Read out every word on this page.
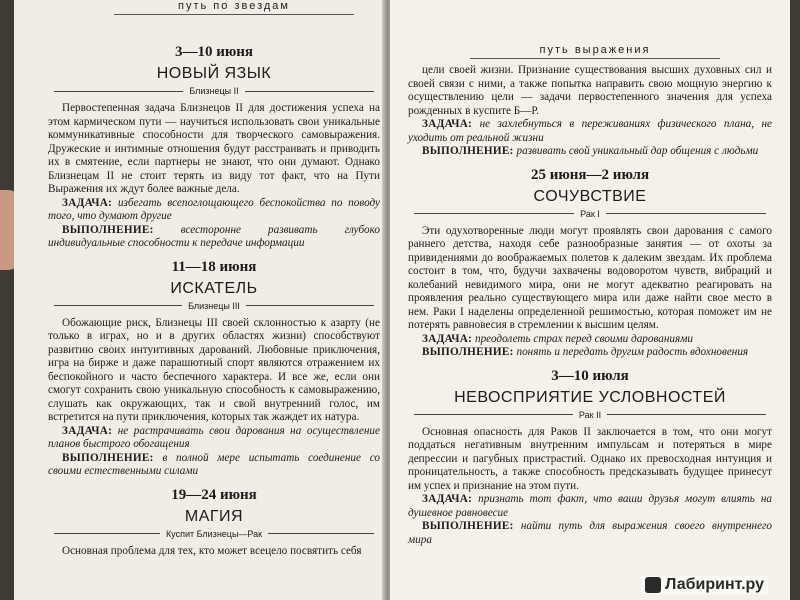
путь по звездам
3—10 июня
НОВЫЙ ЯЗЫК
Близнецы II

Первостепенная задача Близнецов II для достижения успеха на этом кармическом пути — научиться использовать свои уникальные коммуникативные способности для творческого самовыражения. Дружеские и интимные отношения будут расстраивать и приводить их в смятение, если партнеры не знают, что они думают. Однако Близнецам II не стоит терять из виду тот факт, что на Пути Выражения их ждут более важные дела.

ЗАДАЧА: избегать всепоглощающего беспокойства по поводу того, что думают другие

ВЫПОЛНЕНИЕ: всесторонне развивать глубоко индивидуальные способности к передаче информации

11—18 июня
ИСКАТЕЛЬ
Близнецы III

Обожающие риск, Близнецы III своей склонностью к азарту (не только в играх, но и в других областях жизни) способствуют развитию своих интуитивных дарований. Любовные приключения, игра на бирже и даже парашютный спорт являются отражением их беспокойного и часто беспечного характера. И все же, если они смогут сохранить свою уникальную способность к самовыражению, слушать как окружающих, так и свой внутренний голос, им встретится на пути приключения, которых так жаждет их натура.

ЗАДАЧА: не растрачивать свои дарования на осуществление планов быстрого обогащения

ВЫПОЛНЕНИЕ: в полной мере испытать соединение со своими естественными силами

19—24 июня
МАГИЯ
Куспит Близнецы—Рак

Основная проблема для тех, кто может всецело посвятить себя

путь выражения

цели своей жизни. Признание существования высших духовных сил и своей связи с ними, а также попытка направить свою мощную энергию к осуществлению цели — задачи первостепенного значения для успеха рожденных в куспите Б—Р.

ЗАДАЧА: не захлебнуться в переживаниях физического плана, не уходить от реальной жизни

ВЫПОЛНЕНИЕ: развивать свой уникальный дар общения с людьми

25 июня—2 июля
СОЧУВСТВИЕ
Рак I

Эти одухотворенные люди могут проявлять свои дарования с самого раннего детства, находя себе разнообразные занятия — от охоты за привидениями до воображаемых полетов к далеким звездам. Их проблема состоит в том, что, будучи захвачены водоворотом чувств, вибраций и колебаний невидимого мира, они не могут адекватно реагировать на проявления реально существующего мира или даже найти свое место в нем. Раки I наделены определенной решимостью, которая поможет им не потерять равновесия в стремлении к высшим целям.

ЗАДАЧА: преодолеть страх перед своими дарованиями

ВЫПОЛНЕНИЕ: понять и передать другим радость вдохновения

3—10 июля
НЕВОСПРИЯТИЕ УСЛОВНОСТЕЙ
Рак II

Основная опасность для Раков II заключается в том, что они могут поддаться негативным внутренним импульсам и потеряться в мире депрессии и пагубных пристрастий. Однако их превосходная интуиция и проницательность, а также способность предсказывать будущее принесут им успех и признание на этом пути.

ЗАДАЧА: признать тот факт, что ваши друзья могут влиять на душевное равновесие

ВЫПОЛНЕНИЕ: найти путь для выражения своего внутреннего мира

Лабиринт.ру
